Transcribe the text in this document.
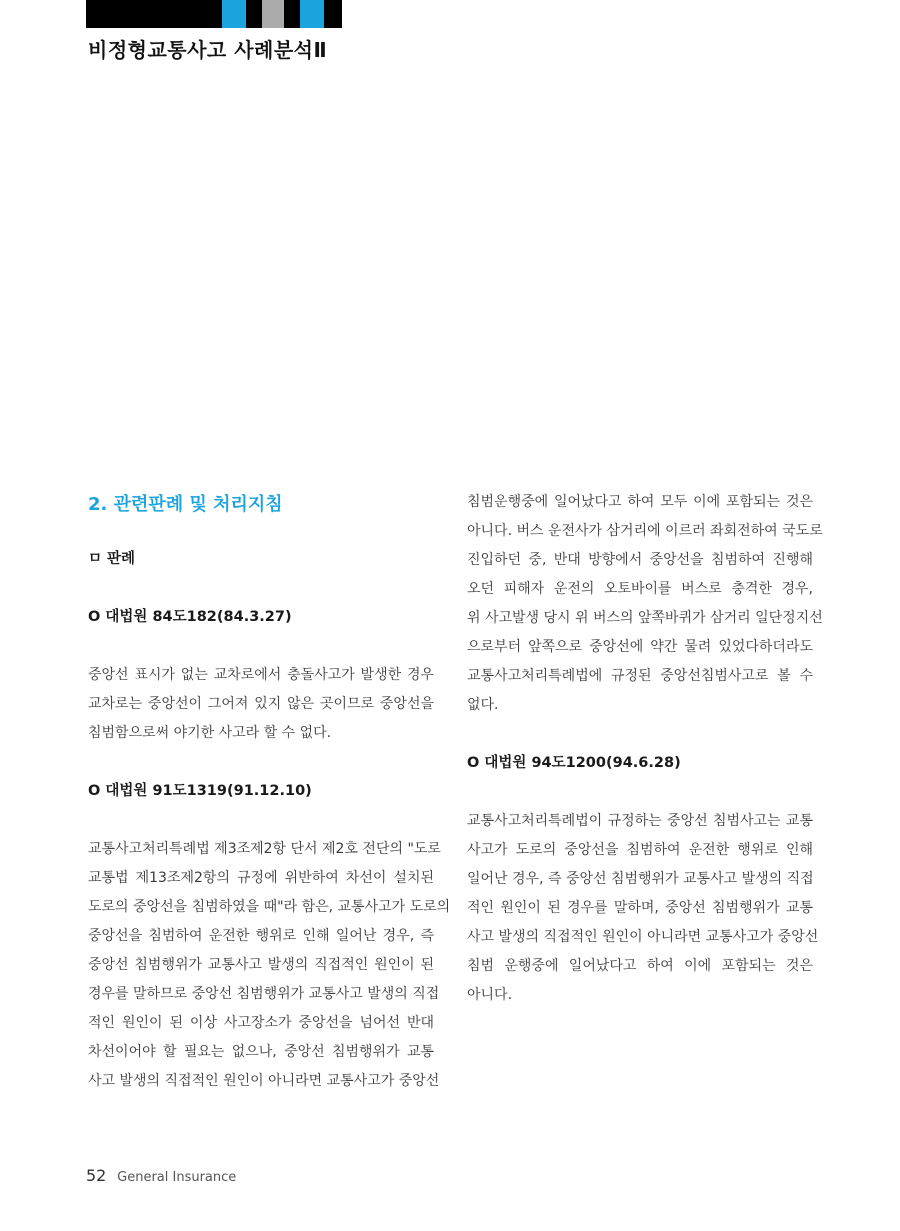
비정형교통사고 사례분석Ⅱ
2. 관련판례 및 처리지침
ㅁ 판례
O 대법원 84도182(84.3.27)
중앙선 표시가 없는 교차로에서 충돌사고가 발생한 경우
교차로는 중앙선이 그어져 있지 않은 곳이므로 중앙선을
침범함으로써 야기한 사고라 할 수 없다.
O 대법원 91도1319(91.12.10)
교통사고처리특례법 제3조제2항 단서 제2호 전단의 "도로
교통법 제13조제2항의 규정에 위반하여 차선이 설치된
도로의 중앙선을 침범하였을 때"라 함은, 교통사고가 도로의
중앙선을 침범하여 운전한 행위로 인해 일어난 경우, 즉
중앙선 침범행위가 교통사고 발생의 직접적인 원인이 된
경우를 말하므로 중앙선 침범행위가 교통사고 발생의 직접
적인 원인이 된 이상 사고장소가 중앙선을 넘어선 반대
차선이어야 할 필요는 없으나, 중앙선 침범행위가 교통
사고 발생의 직접적인 원인이 아니라면 교통사고가 중앙선
침범운행중에 일어났다고 하여 모두 이에 포함되는 것은
아니다. 버스 운전사가 삼거리에 이르러 좌회전하여 국도로
진입하던 중, 반대 방향에서 중앙선을 침범하여 진행해
오던 피해자 운전의 오토바이를 버스로 충격한 경우,
위 사고발생 당시 위 버스의 앞쪽바퀴가 삼거리 일단정지선
으로부터 앞쪽으로 중앙선에 약간 물려 있었다하더라도
교통사고처리특례법에 규정된 중앙선침범사고로 볼 수
없다.
O 대법원 94도1200(94.6.28)
교통사고처리특례법이 규정하는 중앙선 침범사고는 교통
사고가 도로의 중앙선을 침범하여 운전한 행위로 인해
일어난 경우, 즉 중앙선 침범행위가 교통사고 발생의 직접
적인 원인이 된 경우를 말하며, 중앙선 침범행위가 교통
사고 발생의 직접적인 원인이 아니라면 교통사고가 중앙선
침범 운행중에 일어났다고 하여 이에 포함되는 것은
아니다.
52 General Insurance
